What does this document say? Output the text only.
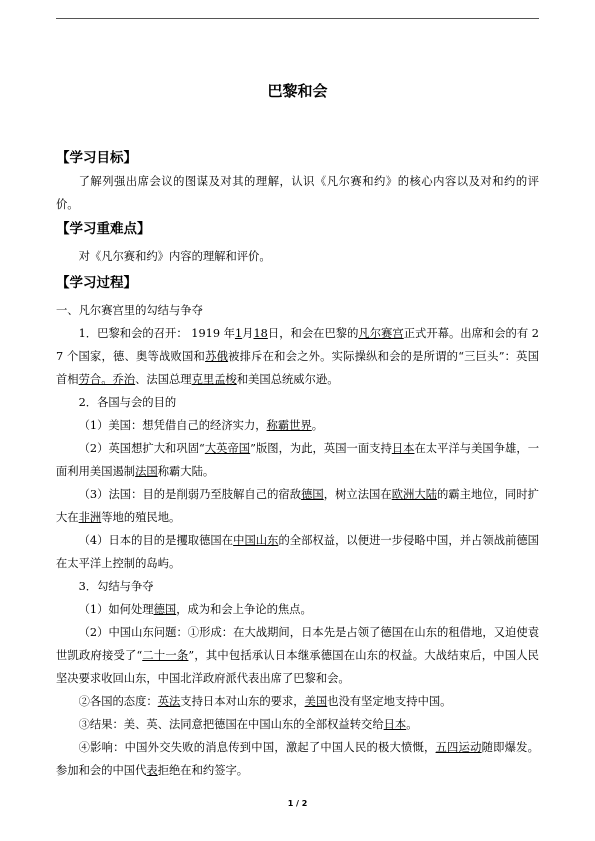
巴黎和会
【学习目标】
了解列强出席会议的图谋及对其的理解，认识《凡尔赛和约》的核心内容以及对和约的评价。
【学习重难点】
对《凡尔赛和约》内容的理解和评价。
【学习过程】
一、凡尔赛宫里的勾结与争夺
1．巴黎和会的召开： 1919 年1月18日，和会在巴黎的凡尔赛宫正式开幕。出席和会的有 27 个国家，德、奥等战败国和苏俄被排斥在和会之外。实际操纵和会的是所谓的“三巨头”：英国首相劳合。乔治、法国总理克里孟梭和美国总统威尔逊。
2．各国与会的目的
（1）美国：想凭借自己的经济实力，称霸世界。
（2）英国想扩大和巩固“大英帝国”版图，为此，英国一面支持日本在太平洋与美国争雄，一面利用美国遏制法国称霸大陆。
（3）法国：目的是削弱乃至肢解自己的宿敌德国，树立法国在欧洲大陆的霸主地位，同时扩大在非洲等地的殖民地。
（4）日本的目的是攫取德国在中国山东的全部权益，以便进一步侵略中国，并占领战前德国在太平洋上控制的岛屿。
3．勾结与争夺
（1）如何处理德国，成为和会上争论的焦点。
（2）中国山东问题：①形成：在大战期间，日本先是占领了德国在山东的租借地，又迫使袁世凯政府接受了“二十一条”，其中包括承认日本继承德国在山东的权益。大战结束后，中国人民坚决要求收回山东，中国北洋政府派代表出席了巴黎和会。
②各国的态度：英法支持日本对山东的要求，美国也没有坚定地支持中国。
③结果：美、英、法同意把德国在中国山东的全部权益转交给日本。
④影响：中国外交失败的消息传到中国，激起了中国人民的极大愤慨，五四运动随即爆发。参加和会的中国代表拒绝在和约签字。
1 / 2
